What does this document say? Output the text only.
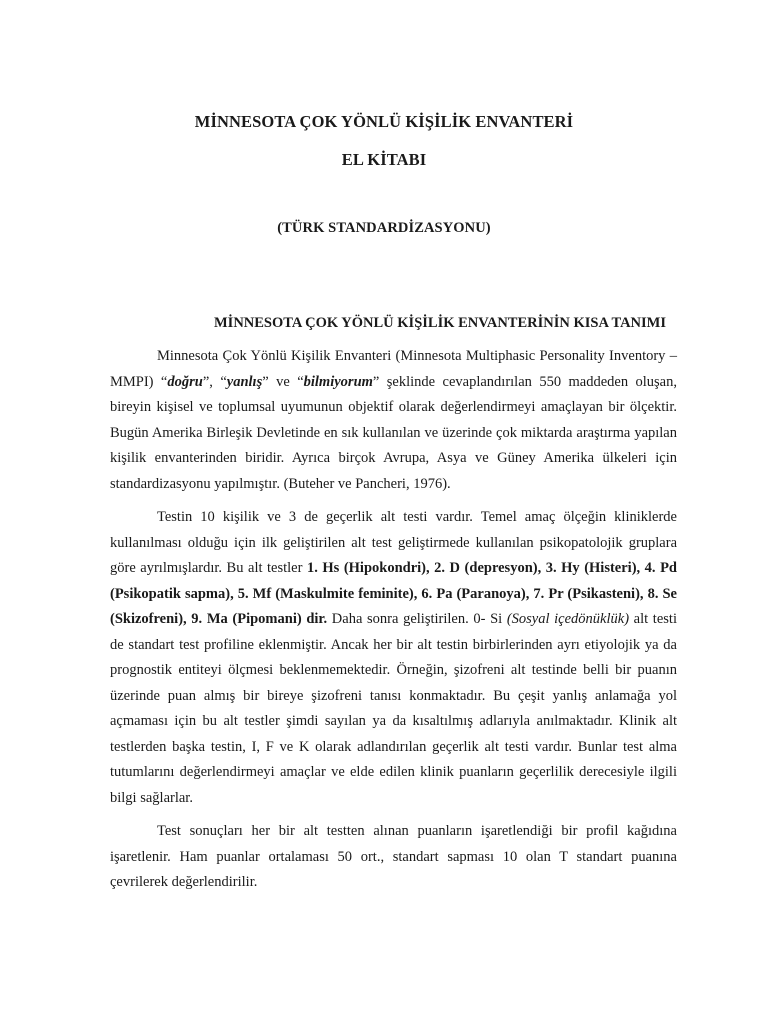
MİNNESOTA ÇOK YÖNLÜ KİŞİLİK ENVANTERİ
EL KİTABI
(TÜRK STANDARDİZASYONU)
MİNNESOTA ÇOK YÖNLÜ KİŞİLİK ENVANTERİNİN KISA TANIMI

Minnesota Çok Yönlü Kişilik Envanteri (Minnesota Multiphasic Personality Inventory – MMPI) “doğru”, “yanlış” ve “bilmiyorum” şeklinde cevaplandırılan 550 maddeden oluşan, bireyin kişisel ve toplumsal uyumunun objektif olarak değerlendirmeyi amaçlayan bir ölçektir. Bugün Amerika Birleşik Devletinde en sık kullanılan ve üzerinde çok miktarda araştırma yapılan kişilik envanterinden biridir. Ayrıca birçok Avrupa, Asya ve Güney Amerika ülkeleri için standardizasyonu yapılmıştır. (Buteher ve Pancheri, 1976).

Testin 10 kişilik ve 3 de geçerlik alt testi vardır. Temel amaç ölçeğin kliniklerde kullanılması olduğu için ilk geliştirilen alt test geliştirmede kullanılan psikopatolojik gruplara göre ayrılmışlardır. Bu alt testler 1. Hs (Hipokondri), 2. D (depresyon), 3. Hy (Histeri), 4. Pd (Psikopatik sapma), 5. Mf (Maskulmite feminite), 6. Pa (Paranoya), 7. Pr (Psikasteni), 8. Se (Skizofreni), 9. Ma (Pipomani) dir. Daha sonra geliştirilen. 0- Si (Sosyal içedönüklük) alt testi de standart test profiline eklenmiştir. Ancak her bir alt testin birbirlerinden ayrı etiyolojik ya da prognostik entiteyi ölçmesi beklenmemektedir. Örneğin, şizofreni alt testinde belli bir puanın üzerinde puan almış bir bireye şizofreni tanısı konmaktadır. Bu çeşit yanlış anlamağa yol açmaması için bu alt testler şimdi sayılan ya da kısaltılmış adlarıyla anılmaktadır. Klinik alt testlerden başka testin, I, F ve K olarak adlandırılan geçerlik alt testi vardır. Bunlar test alma tutumlarını değerlendirmeyi amaçlar ve elde edilen klinik puanların geçerlilik derecesiyle ilgili bilgi sağlarlar.

Test sonuçları her bir alt testten alınan puanların işaretlendiği bir profil kağıdına işaretlenir. Ham puanlar ortalaması 50 ort., standart sapması 10 olan T standart puanına çevrilerek değerlendirilir.
